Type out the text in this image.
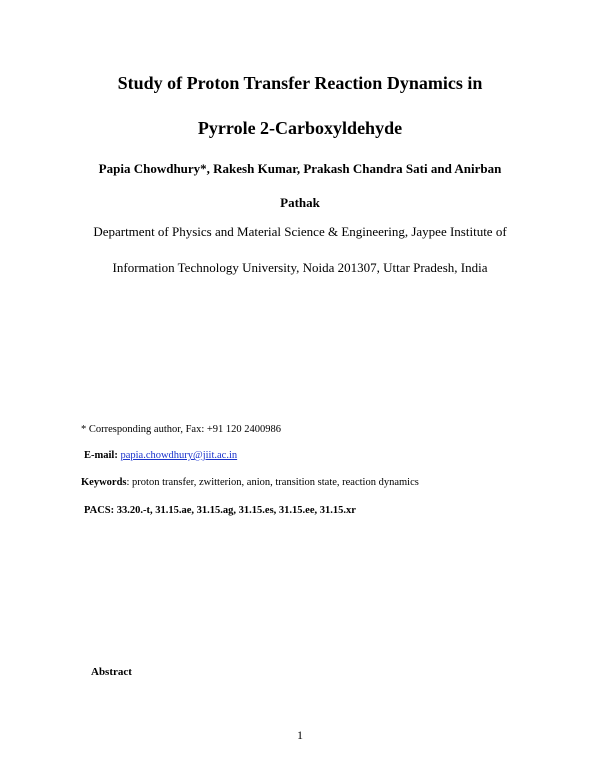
Study of Proton Transfer Reaction Dynamics in
Pyrrole 2-Carboxyldehyde
Papia Chowdhury*, Rakesh Kumar, Prakash Chandra Sati and Anirban
Pathak
Department of Physics and Material Science & Engineering, Jaypee Institute of
Information Technology University, Noida 201307, Uttar Pradesh, India
* Corresponding author, Fax: +91 120 2400986
E-mail: papia.chowdhury@jiit.ac.in
Keywords: proton transfer, zwitterion, anion, transition state, reaction dynamics
PACS: 33.20.-t, 31.15.ae, 31.15.ag, 31.15.es, 31.15.ee, 31.15.xr
Abstract
1
